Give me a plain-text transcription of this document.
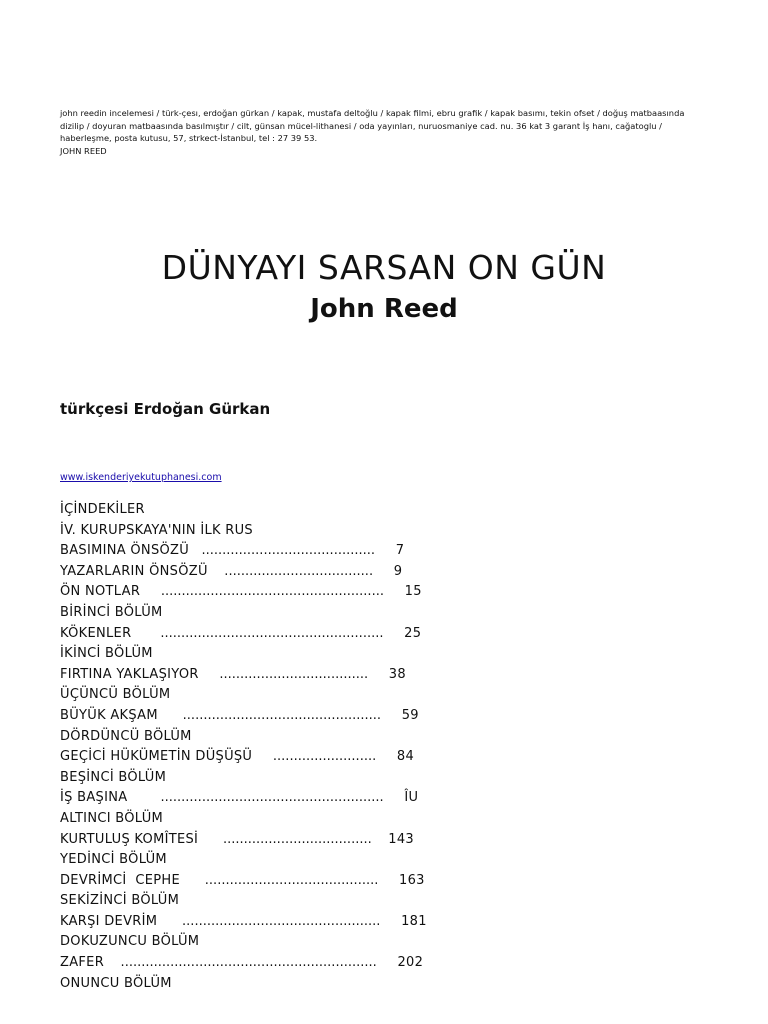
john reedin incelemesi / türk-çesı, erdoğan gürkan / kapak, mustafa deltoğlu / kapak filmi, ebru grafik / kapak basımı, tekin ofset / doğuş matbaasında

dizilip / doyuran matbaasında basılmıştır / cilt, günsan mücel-lithanesi / oda yayınları, nuruosmaniye cad. nu. 36 kat 3 garant İş hanı, cağatoglu /

haberleşme, posta kutusu, 57, strkect-İstanbul, tel : 27 39 53.

JOHN REED

DÜNYAYI SARSAN ON GÜN
John Reed

türkçesi Erdoğan Gürkan

www.iskenderiyekutuphanesi.com
İÇİNDEKİLER
İV. KURUPSKAYA'NIN İLK RUS
BASIMINA ÖNSÖZÜ   ..........................................     7
YAZARLARIN ÖNSÖZÜ    ....................................     9
ÖN NOTLAR     ......................................................     15
BİRİNCİ BÖLÜM
KÖKENLER       ......................................................     25
İKİNCİ BÖLÜM
FIRTINA YAKLAŞIYOR     ....................................     38
ÜÇÜNCÜ BÖLÜM
BÜYÜK AKŞAM      ................................................     59
DÖRDÜNCÜ BÖLÜM
GEÇİCİ HÜKÜMETİN DÜŞÜŞÜ     .........................     84
BEŞİNCİ BÖLÜM
İŞ BAŞINA        ......................................................     ÎU
ALTINCI BÖLÜM
KURTULUŞ KOMÎTESİ      ....................................    143
YEDİNCİ BÖLÜM
DEVRİMCİ  CEPHE      ..........................................     163
SEKİZİNCİ BÖLÜM
KARŞI DEVRİM      ................................................     181
DOKUZUNCU BÖLÜM
ZAFER    ..............................................................     202
ONUNCU BÖLÜM
